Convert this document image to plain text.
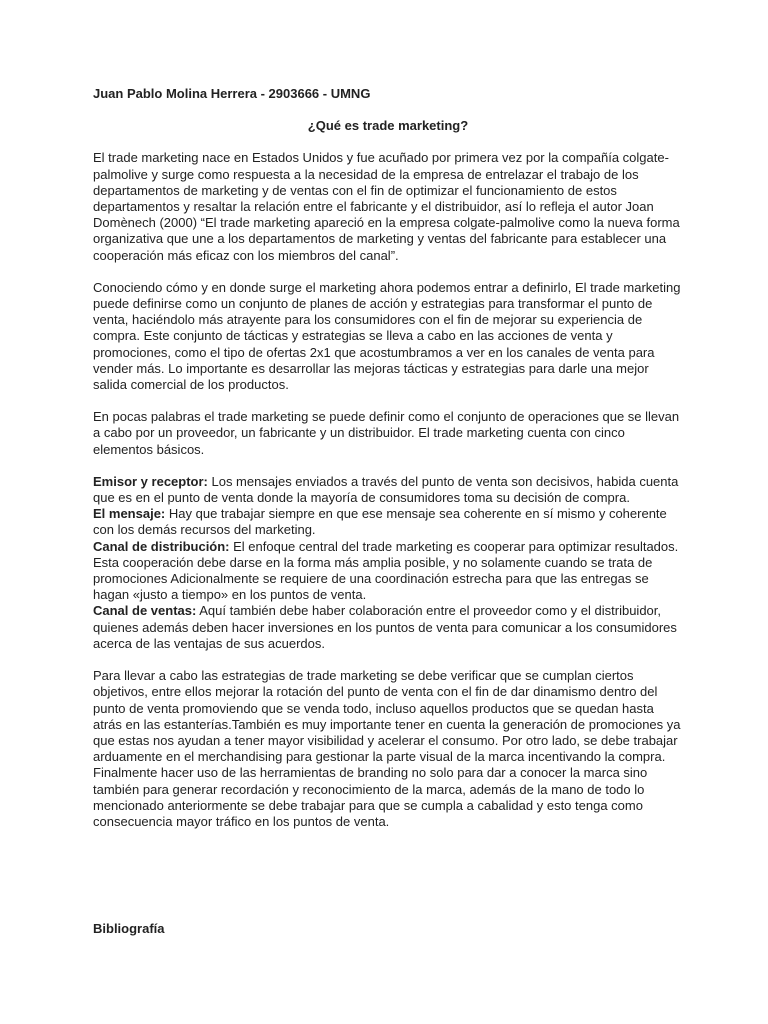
Juan Pablo Molina Herrera - 2903666 - UMNG

¿Qué es trade marketing?

El trade marketing nace en Estados Unidos y fue acuñado por primera vez por la compañía colgate-palmolive y surge como respuesta a la necesidad de la empresa de entrelazar el trabajo de los departamentos de marketing y de ventas con el fin de optimizar el funcionamiento de estos departamentos y resaltar la relación entre el fabricante y el distribuidor, así lo refleja el autor Joan Domènech (2000) “El trade marketing apareció en la empresa colgate-palmolive como la nueva forma organizativa que une a los departamentos de marketing y ventas del fabricante para establecer una cooperación más eficaz con los miembros del canal”.

Conociendo cómo y en donde surge el marketing ahora podemos entrar a definirlo, El trade marketing puede definirse como un conjunto de planes de acción y estrategias para transformar el punto de venta, haciéndolo más atrayente para los consumidores con el fin de mejorar su experiencia de compra. Este conjunto de tácticas y estrategias se lleva a cabo en las acciones de venta y promociones, como el tipo de ofertas 2x1 que acostumbramos a ver en los canales de venta para vender más. Lo importante es desarrollar las mejoras tácticas y estrategias para darle una mejor salida comercial de los productos.

En pocas palabras el trade marketing se puede definir como el conjunto de operaciones que se llevan a cabo por un proveedor, un fabricante y un distribuidor. El trade marketing cuenta con cinco elementos básicos.

Emisor y receptor: Los mensajes enviados a través del punto de venta son decisivos, habida cuenta que es en el punto de venta donde la mayoría de consumidores toma su decisión de compra.

El mensaje: Hay que trabajar siempre en que ese mensaje sea coherente en sí mismo y coherente con los demás recursos del marketing.

Canal de distribución: El enfoque central del trade marketing es cooperar para optimizar resultados. Esta cooperación debe darse en la forma más amplia posible, y no solamente cuando se trata de promociones Adicionalmente se requiere de una coordinación estrecha para que las entregas se hagan «justo a tiempo» en los puntos de venta.

Canal de ventas: Aquí también debe haber colaboración entre el proveedor como y el distribuidor, quienes además deben hacer inversiones en los puntos de venta para comunicar a los consumidores acerca de las ventajas de sus acuerdos.

Para llevar a cabo las estrategias de trade marketing se debe verificar que se cumplan ciertos objetivos, entre ellos mejorar la rotación del punto de venta con el fin de dar dinamismo dentro del punto de venta promoviendo que se venda todo, incluso aquellos productos que se quedan hasta atrás en las estanterías.También es muy importante tener en cuenta la generación de promociones ya que estas nos ayudan a tener mayor visibilidad y acelerar el consumo. Por otro lado, se debe trabajar arduamente en el merchandising para gestionar la parte visual de la marca incentivando la compra. Finalmente hacer uso de las herramientas de branding no solo para dar a conocer la marca sino también para generar recordación y reconocimiento de la marca, además de la mano de todo lo mencionado anteriormente se debe trabajar para que se cumpla a cabalidad y esto tenga como consecuencia mayor tráfico en los puntos de venta.

Bibliografía
